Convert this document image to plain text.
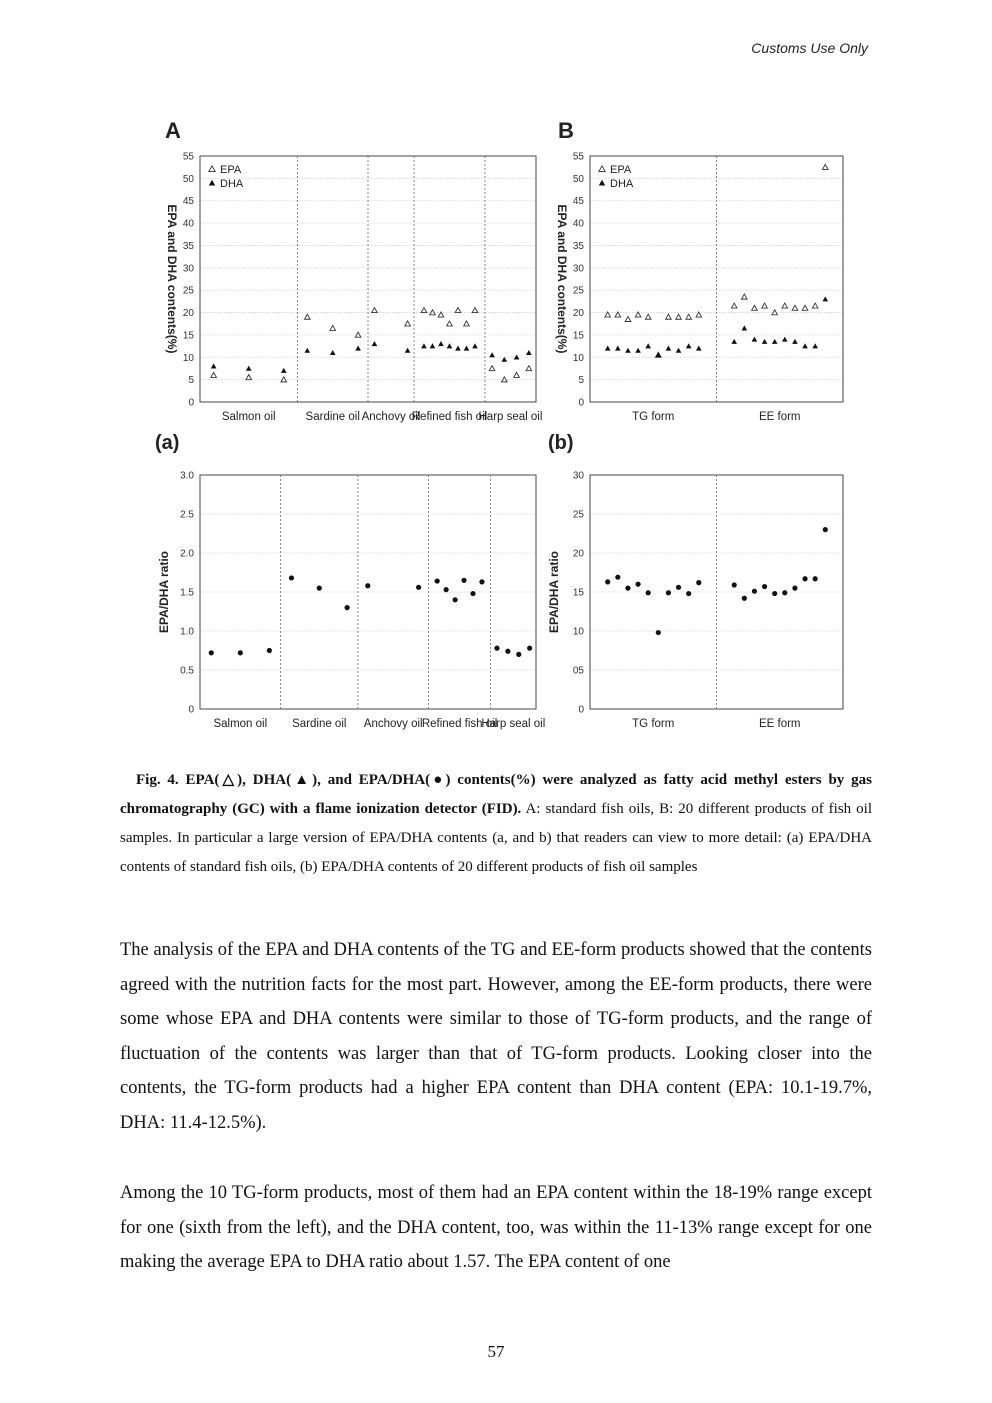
Customs Use Only
A
0
5
10
15
20
25
30
35
40
45
50
55
EPA and DHA contents(%)
Salmon oil	Sardine oil Anchovy oil
Refined fish oil
Harp seal oil
EPA
DHA
B
0
5
10
15
20
25
30
35
40
45
50
55
EPA and DHA contents(%)
TG form	EE form
EPA
DHA
(a)
0
0.5
1.0
1.5
2.0
2.5
3.0
EPA/DHA ratio
Salmon oil Sardine oil Anchovy oil Refined fish oil
Harp seal oil
(b)
0
05
10
15
20
25
30
EPA/DHA ratio
TG form	EE form
Fig. 4. EPA(△), DHA(▲), and EPA/DHA(●) contents(%) were analyzed as fatty acid methyl esters by gas chromatography (GC) with a flame ionization detector (FID). A: standard fish oils, B: 20 different products of fish oil samples. In particular a large version of EPA/DHA contents (a, and b) that readers can view to more detail: (a) EPA/DHA contents of standard fish oils, (b) EPA/DHA contents of 20 different products of fish oil samples
The analysis of the EPA and DHA contents of the TG and EE-form products showed that the contents agreed with the nutrition facts for the most part. However, among the EE-form products, there were some whose EPA and DHA contents were similar to those of TG-form products, and the range of fluctuation of the contents was larger than that of TG-form products. Looking closer into the contents, the TG-form products had a higher EPA content than DHA content (EPA: 10.1-19.7%, DHA: 11.4-12.5%).
Among the 10 TG-form products, most of them had an EPA content within the 18-19% range except for one (sixth from the left), and the DHA content, too, was within the 11-13% range except for one making the average EPA to DHA ratio about 1.57. The EPA content of one
57
